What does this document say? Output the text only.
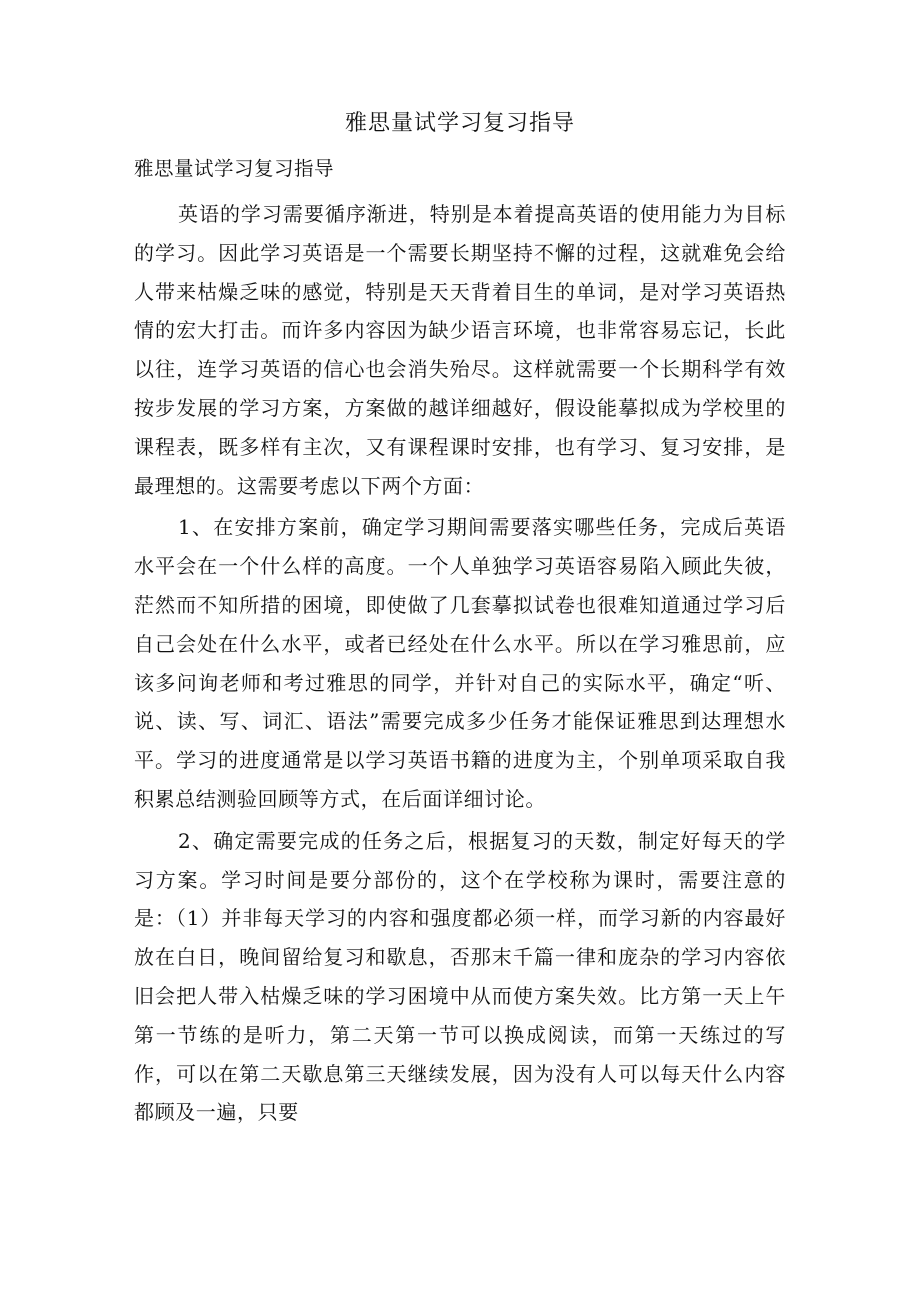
雅思量试学习复习指导

雅思量试学习复习指导

英语的学习需要循序渐进，特别是本着提高英语的使用能力为目标的学习。因此学习英语是一个需要长期坚持不懈的过程，这就难免会给人带来枯燥乏味的感觉，特别是天天背着目生的单词，是对学习英语热情的宏大打击。而许多内容因为缺少语言环境，也非常容易忘记，长此以往，连学习英语的信心也会消失殆尽。这样就需要一个长期科学有效按步发展的学习方案，方案做的越详细越好，假设能摹拟成为学校里的课程表，既多样有主次，又有课程课时安排，也有学习、复习安排，是最理想的。这需要考虑以下两个方面：

1、在安排方案前，确定学习期间需要落实哪些任务，完成后英语水平会在一个什么样的高度。一个人单独学习英语容易陷入顾此失彼，茫然而不知所措的困境，即使做了几套摹拟试卷也很难知道通过学习后自己会处在什么水平，或者已经处在什么水平。所以在学习雅思前，应该多问询老师和考过雅思的同学，并针对自己的实际水平，确定“听、说、读、写、词汇、语法”需要完成多少任务才能保证雅思到达理想水平。学习的进度通常是以学习英语书籍的进度为主，个别单项采取自我积累总结测验回顾等方式，在后面详细讨论。

2、确定需要完成的任务之后，根据复习的天数，制定好每天的学习方案。学习时间是要分部份的，这个在学校称为课时，需要注意的是：（1）并非每天学习的内容和强度都必须一样，而学习新的内容最好放在白日，晚间留给复习和歇息，否那末千篇一律和庞杂的学习内容依旧会把人带入枯燥乏味的学习困境中从而使方案失效。比方第一天上午第一节练的是听力，第二天第一节可以换成阅读，而第一天练过的写作，可以在第二天歇息第三天继续发展，因为没有人可以每天什么内容都顾及一遍，只要
